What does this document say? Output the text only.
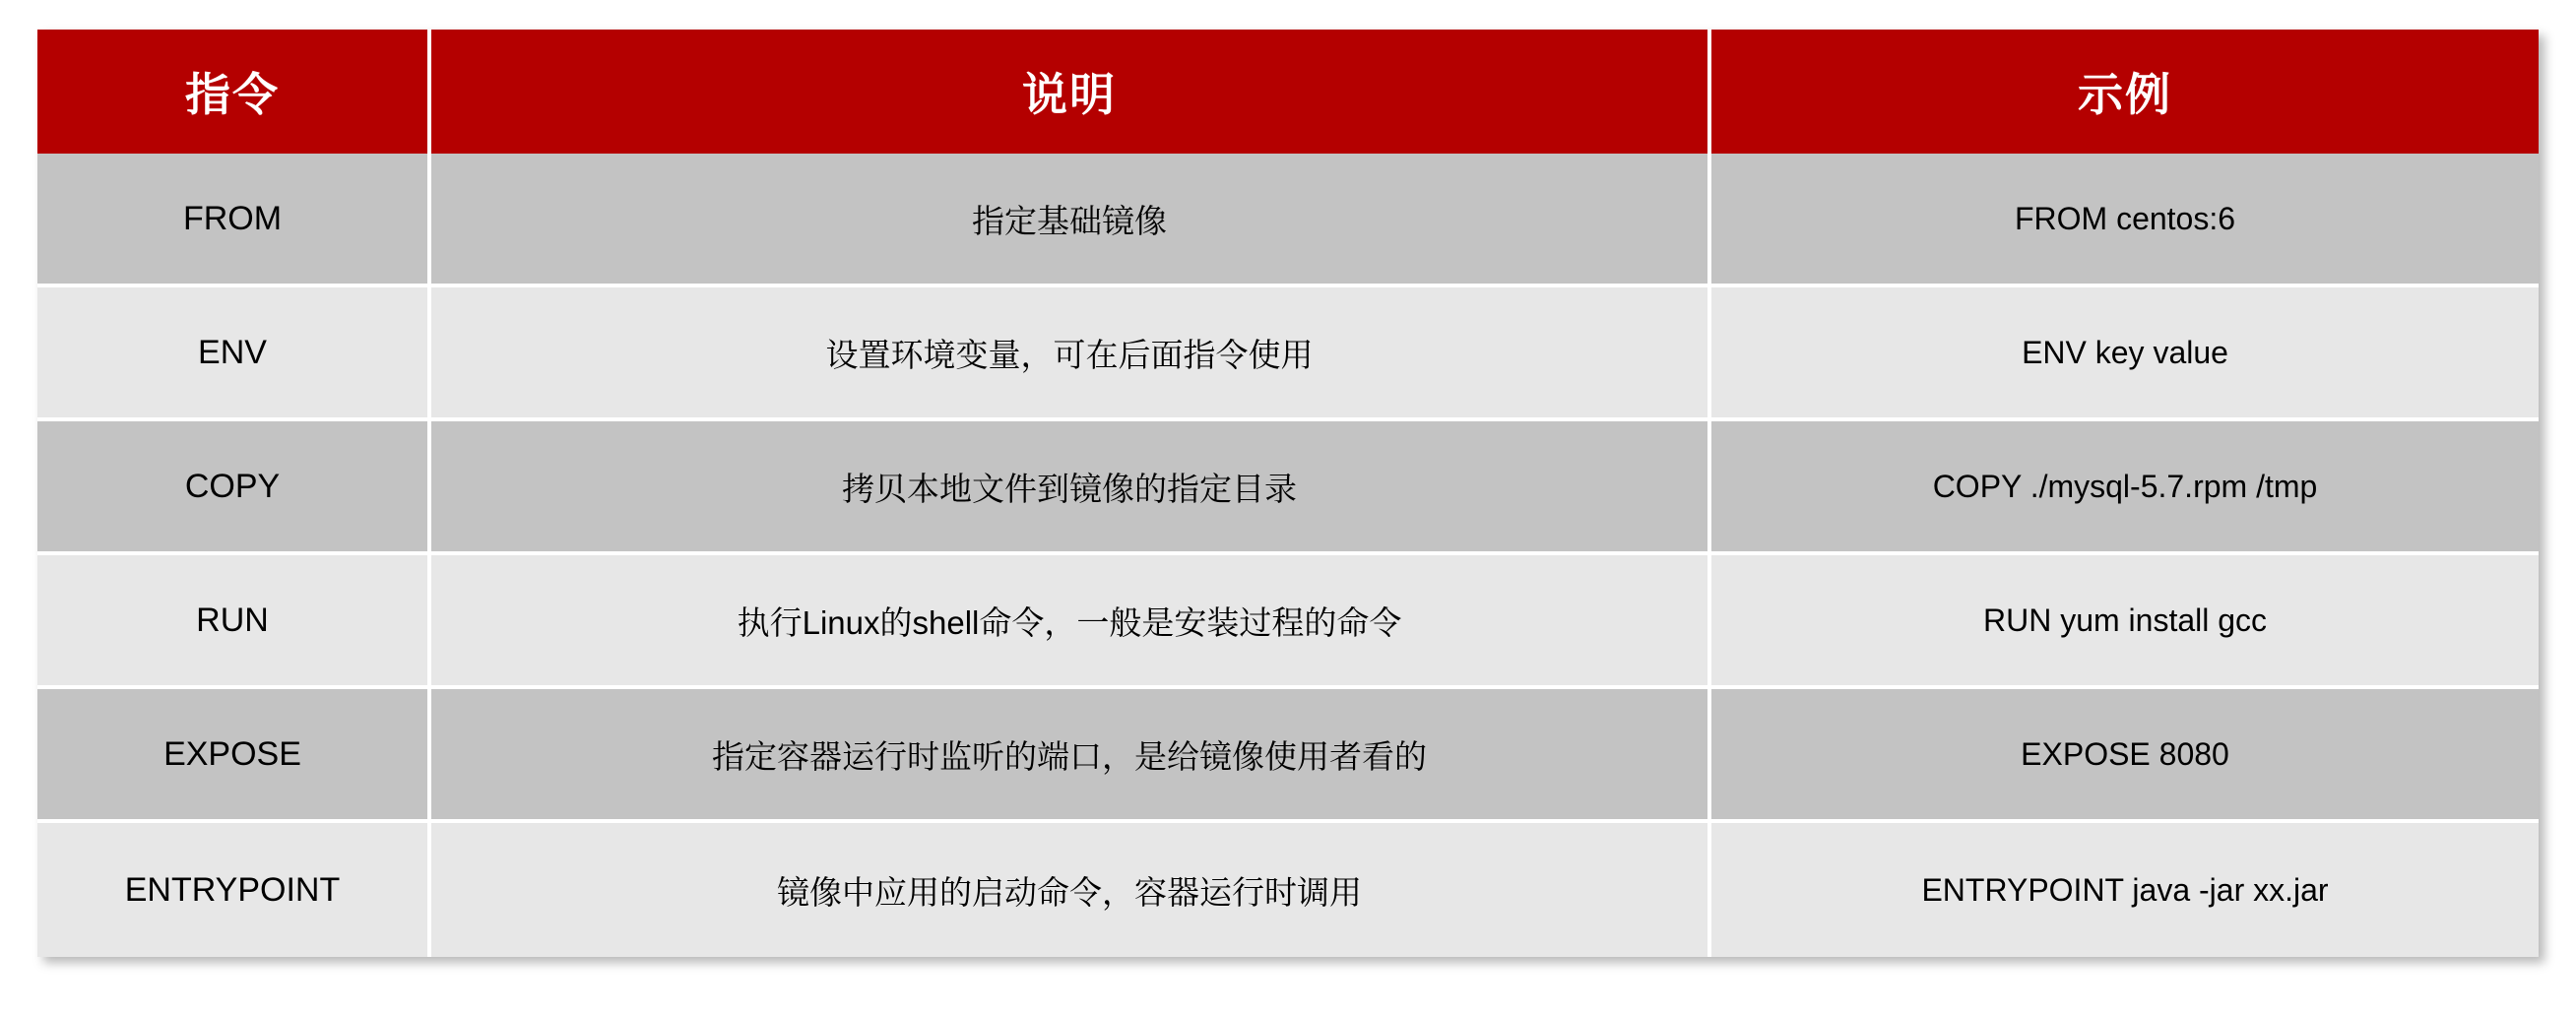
指令	说明	示例
FROM	指定基础镜像	FROM centos:6
ENV	设置环境变量，可在后面指令使用	ENV key value
COPY	拷贝本地文件到镜像的指定目录	COPY ./mysql-5.7.rpm /tmp
RUN	执行Linux的shell命令，一般是安装过程的命令	RUN yum install gcc
EXPOSE	指定容器运行时监听的端口，是给镜像使用者看的	EXPOSE 8080
ENTRYPOINT	镜像中应用的启动命令，容器运行时调用	ENTRYPOINT java -jar xx.jar
